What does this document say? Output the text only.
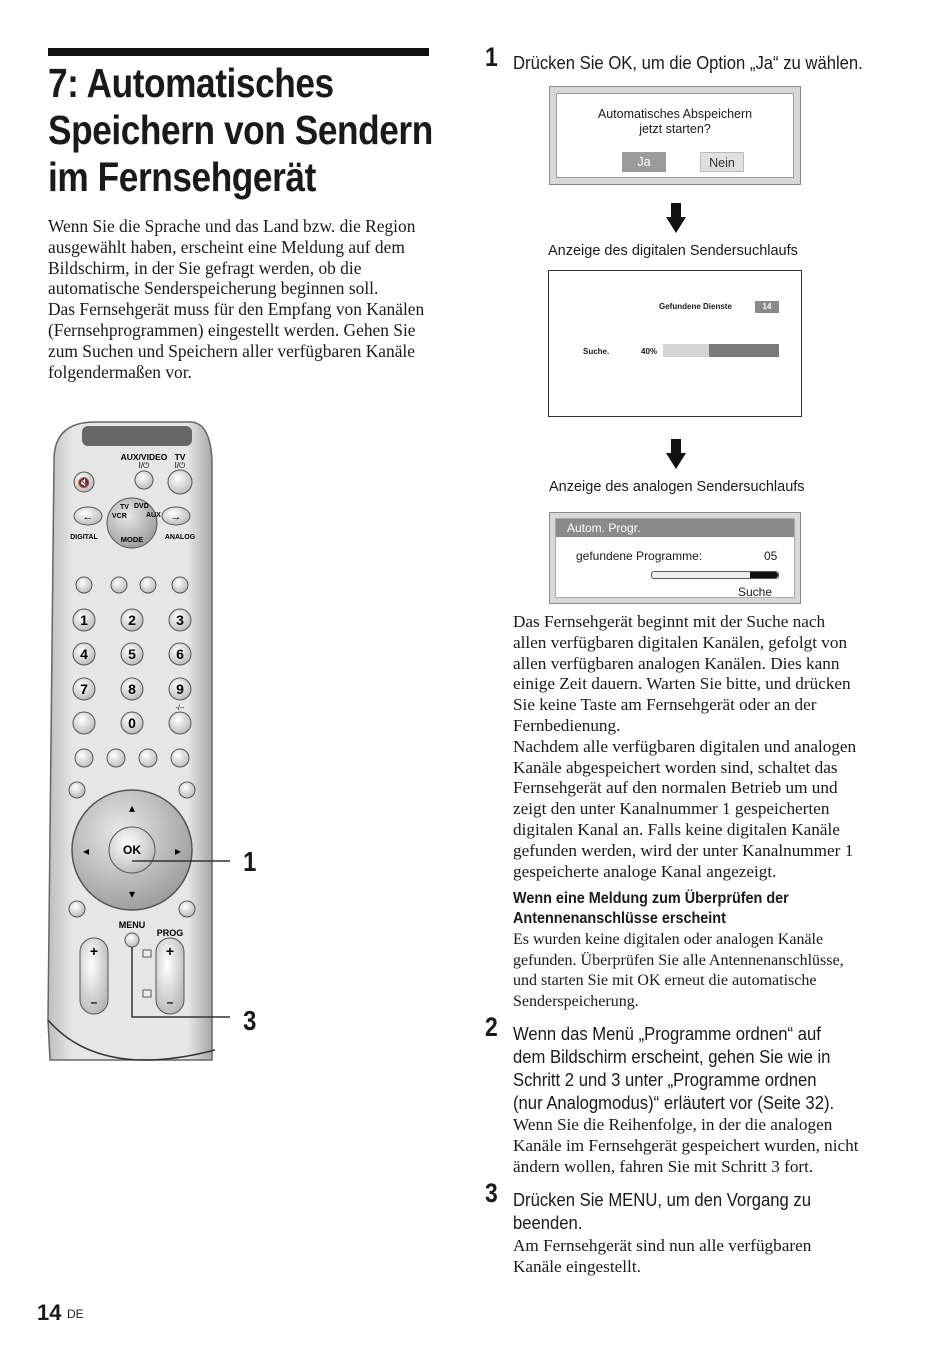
7: Automatisches
Speichern von Sendern
im Fernsehgerät

Wenn Sie die Sprache und das Land bzw. die Region

ausgewählt haben, erscheint eine Meldung auf dem

Bildschirm, in der Sie gefragt werden, ob die

automatische Senderspeicherung beginnen soll.

Das Fernsehgerät muss für den Empfang von Kanälen

(Fernsehprogrammen) eingestellt werden. Gehen Sie

zum Suchen und Speichern aller verfügbaren Kanäle

folgendermaßen vor.

AUX/VIDEO TV
I/⏻	I/⏻
🔇
←	→
VCR
TV DVD
AUX
MODE
DIGITAL	ANALOG
1	2	3
4	5	6
7	8	9
0
-/--
▴
▾
◂	▸
OK
MENU
PROG
+
–
+
–
1
3
1 Drücken Sie OK, um die Option „Ja“ zu wählen.
Automatisches Abspeichern
jetzt starten?
Ja	Nein
Anzeige des digitalen Sendersuchlaufs
Gefundene Dienste	14
Suche.	40%
Anzeige des analogen Sendersuchlaufs
Autom. Progr.
gefundene Programme:	05
Suche

Das Fernsehgerät beginnt mit der Suche nach

allen verfügbaren digitalen Kanälen, gefolgt von

allen verfügbaren analogen Kanälen. Dies kann

einige Zeit dauern. Warten Sie bitte, und drücken

Sie keine Taste am Fernsehgerät oder an der

Fernbedienung.

Nachdem alle verfügbaren digitalen und analogen

Kanäle abgespeichert worden sind, schaltet das

Fernsehgerät auf den normalen Betrieb um und

zeigt den unter Kanalnummer 1 gespeicherten

digitalen Kanal an. Falls keine digitalen Kanäle

gefunden werden, wird der unter Kanalnummer 1

gespeicherte analoge Kanal angezeigt.

Wenn eine Meldung zum Überprüfen der
Antennenanschlüsse erscheint

Es wurden keine digitalen oder analogen Kanäle

gefunden. Überprüfen Sie alle Antennenanschlüsse,

und starten Sie mit OK erneut die automatische

Senderspeicherung.

2 Wenn das Menü „Programme ordnen“ auf
dem Bildschirm erscheint, gehen Sie wie in
Schritt 2 und 3 unter „Programme ordnen
(nur Analogmodus)“ erläutert vor (Seite 32).

Wenn Sie die Reihenfolge, in der die analogen

Kanäle im Fernsehgerät gespeichert wurden, nicht

ändern wollen, fahren Sie mit Schritt 3 fort.

3 Drücken Sie MENU, um den Vorgang zu
beenden.

Am Fernsehgerät sind nun alle verfügbaren

Kanäle eingestellt.

14 DE
